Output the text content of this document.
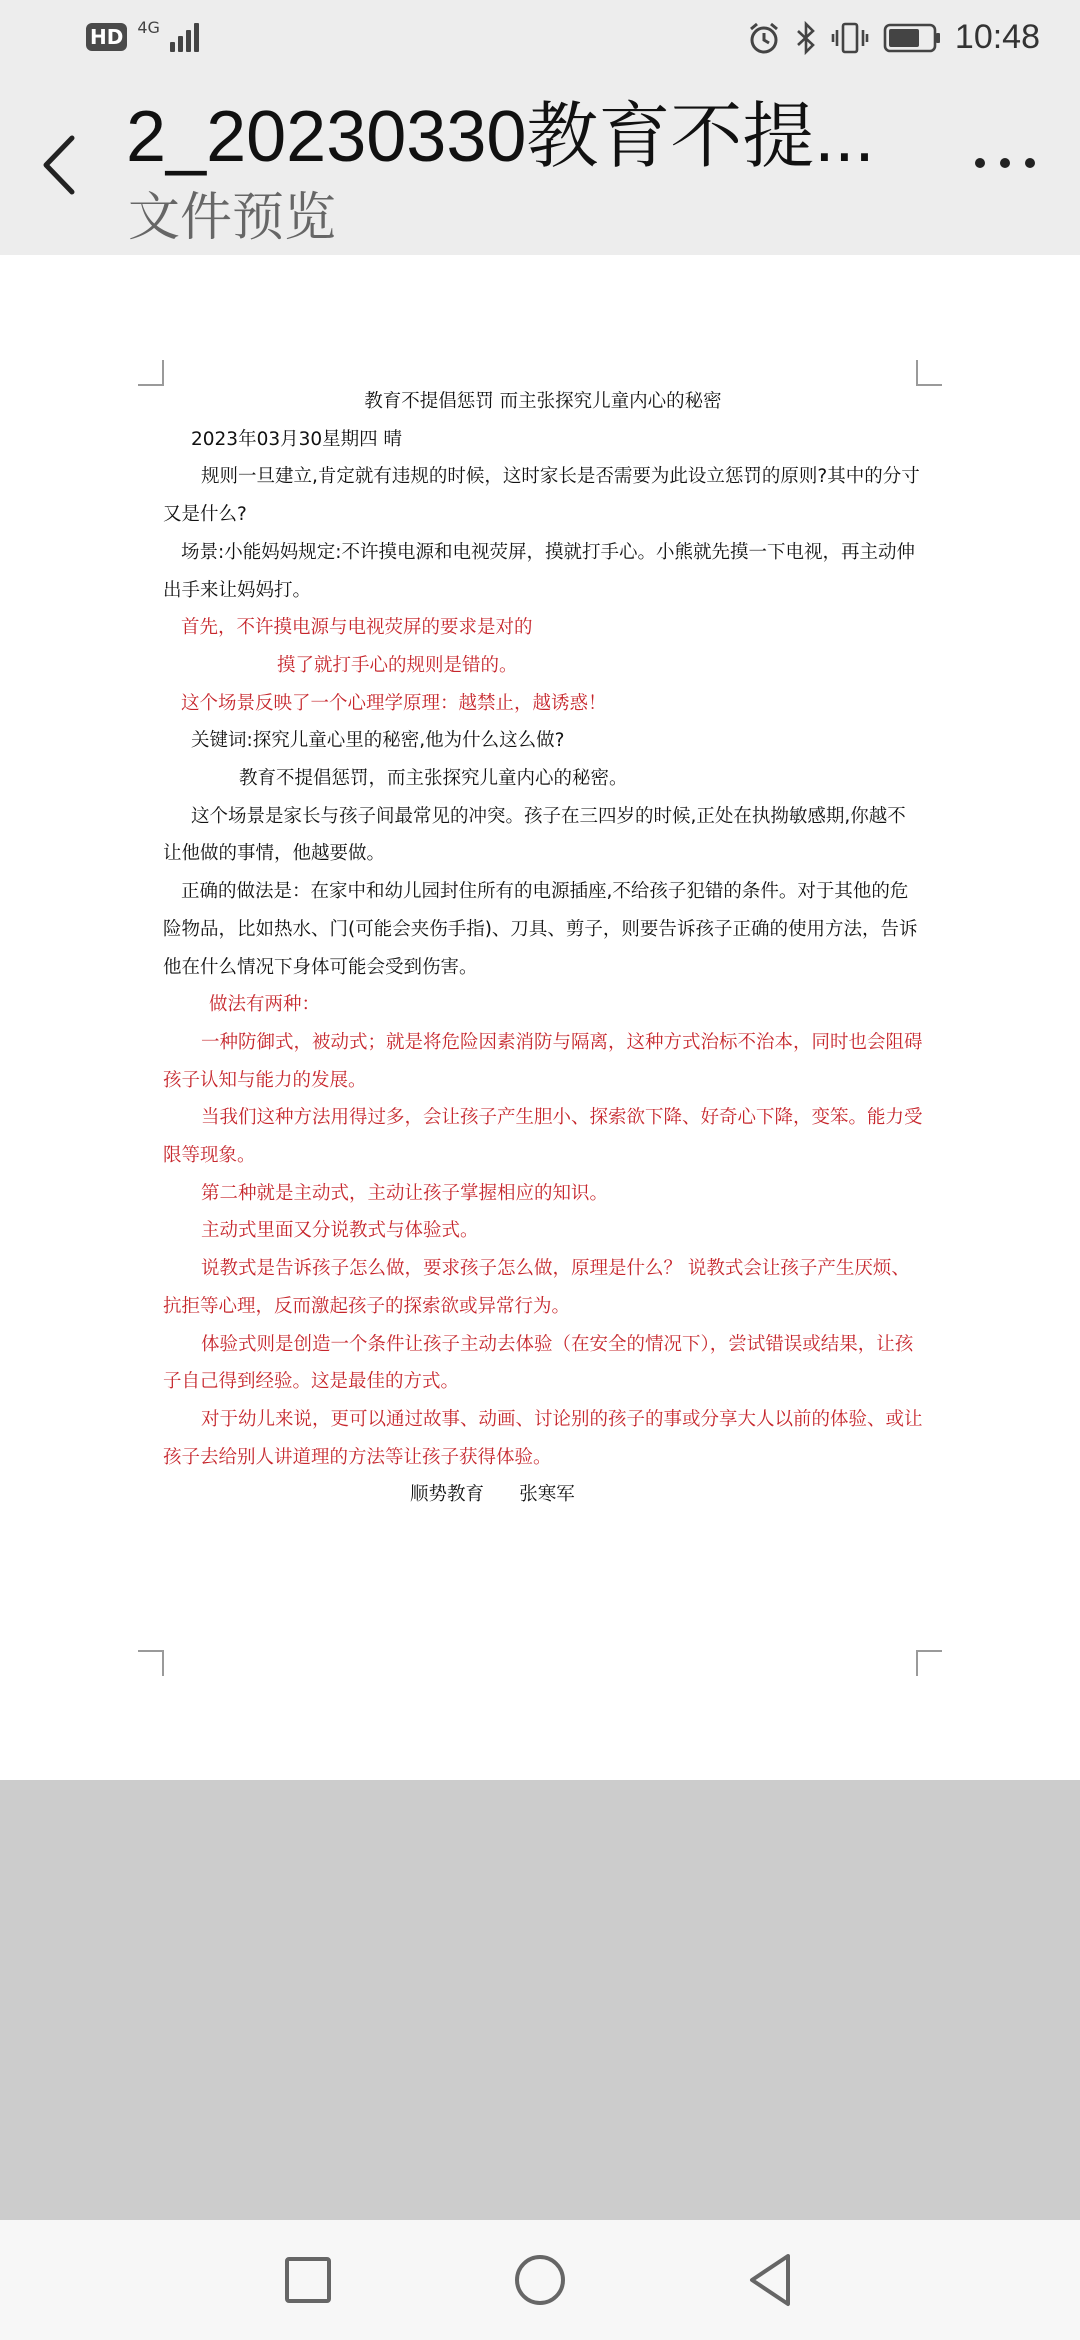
HD 4G	10:48
2_20230330教育不提...
文件预览

教育不提倡惩罚 而主张探究儿童内心的秘密

2023年03月30星期四 晴

规则一旦建立,肯定就有违规的时候，这时家长是否需要为此设立惩罚的原则?其中的分寸又是什么?

场景:小能妈妈规定:不许摸电源和电视荧屏，摸就打手心。小熊就先摸一下电视，再主动伸出手来让妈妈打。

首先，不许摸电源与电视荧屏的要求是对的

摸了就打手心的规则是错的。

这个场景反映了一个心理学原理：越禁止，越诱惑！

关键词:探究儿童心里的秘密,他为什么这么做?

教育不提倡惩罚，而主张探究儿童内心的秘密。

这个场景是家长与孩子间最常见的冲突。孩子在三四岁的时候,正处在执拗敏感期,你越不让他做的事情，他越要做。

正确的做法是：在家中和幼儿园封住所有的电源插座,不给孩子犯错的条件。对于其他的危险物品，比如热水、门(可能会夹伤手指)、刀具、剪子，则要告诉孩子正确的使用方法，告诉他在什么情况下身体可能会受到伤害。

做法有两种：

一种防御式，被动式；就是将危险因素消防与隔离，这种方式治标不治本，同时也会阻碍孩子认知与能力的发展。

当我们这种方法用得过多，会让孩子产生胆小、探索欲下降、好奇心下降，变笨。能力受限等现象。

第二种就是主动式，主动让孩子掌握相应的知识。

主动式里面又分说教式与体验式。

说教式是告诉孩子怎么做，要求孩子怎么做，原理是什么？ 说教式会让孩子产生厌烦、抗拒等心理，反而激起孩子的探索欲或异常行为。

体验式则是创造一个条件让孩子主动去体验（在安全的情况下），尝试错误或结果，让孩子自己得到经验。这是最佳的方式。

对于幼儿来说，更可以通过故事、动画、讨论别的孩子的事或分享大人以前的体验、或让孩子去给别人讲道理的方法等让孩子获得体验。

顺势教育      张寒军
